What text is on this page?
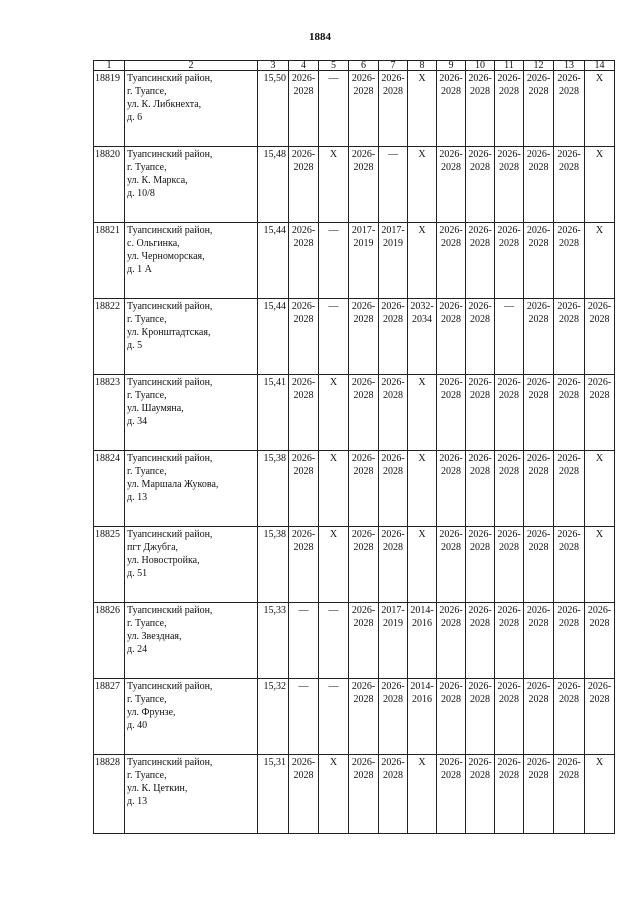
1884
1	2	3	4	5	6	7	8	9	10	11	12	13	14
18819	Туапсинский район,
г. Туапсе,
ул. К. Либкнехта,
д. 6	15,50	2026-
2028	—	2026-
2028	2026-
2028	X	2026-
2028	2026-
2028	2026-
2028	2026-
2028	2026-
2028	X
18820	Туапсинский район,
г. Туапсе,
ул. К. Маркса,
д. 10/8	15,48	2026-
2028	X	2026-
2028	—	X	2026-
2028	2026-
2028	2026-
2028	2026-
2028	2026-
2028	X
18821	Туапсинский район,
с. Ольгинка,
ул. Черноморская,
д. 1 А	15,44	2026-
2028	—	2017-
2019	2017-
2019	X	2026-
2028	2026-
2028	2026-
2028	2026-
2028	2026-
2028	X
18822	Туапсинский район,
г. Туапсе,
ул. Кронштадтская,
д. 5	15,44	2026-
2028	—	2026-
2028	2026-
2028	2032-
2034	2026-
2028	2026-
2028	—	2026-
2028	2026-
2028	2026-
2028
18823	Туапсинский район,
г. Туапсе,
ул. Шаумяна,
д. 34	15,41	2026-
2028	X	2026-
2028	2026-
2028	X	2026-
2028	2026-
2028	2026-
2028	2026-
2028	2026-
2028	2026-
2028
18824	Туапсинский район,
г. Туапсе,
ул. Маршала Жукова,
д. 13	15,38	2026-
2028	X	2026-
2028	2026-
2028	X	2026-
2028	2026-
2028	2026-
2028	2026-
2028	2026-
2028	X
18825	Туапсинский район,
пгт Джубга,
ул. Новостройка,
д. 51	15,38	2026-
2028	X	2026-
2028	2026-
2028	X	2026-
2028	2026-
2028	2026-
2028	2026-
2028	2026-
2028	X
18826	Туапсинский район,
г. Туапсе,
ул. Звездная,
д. 24	15,33	—	—	2026-
2028	2017-
2019	2014-
2016	2026-
2028	2026-
2028	2026-
2028	2026-
2028	2026-
2028	2026-
2028
18827	Туапсинский район,
г. Туапсе,
ул. Фрунзе,
д. 40	15,32	—	—	2026-
2028	2026-
2028	2014-
2016	2026-
2028	2026-
2028	2026-
2028	2026-
2028	2026-
2028	2026-
2028
18828	Туапсинский район,
г. Туапсе,
ул. К. Цеткин,
д. 13	15,31	2026-
2028	X	2026-
2028	2026-
2028	X	2026-
2028	2026-
2028	2026-
2028	2026-
2028	2026-
2028	X
